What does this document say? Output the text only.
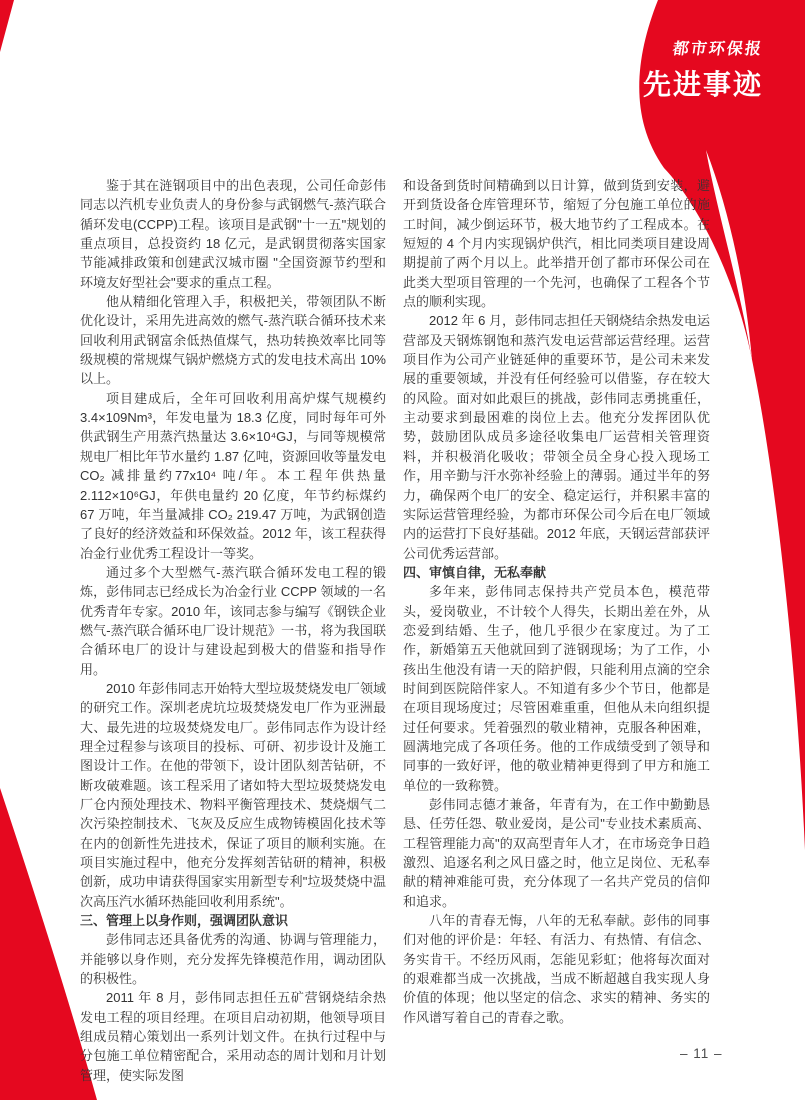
都市环保报
先进事迹

鉴于其在涟钢项目中的出色表现，公司任命彭伟同志以汽机专业负责人的身份参与武钢燃气-蒸汽联合循环发电(CCPP)工程。该项目是武钢"十一五"规划的重点项目，总投资约 18 亿元，是武钢贯彻落实国家节能减排政策和创建武汉城市圈 "全国资源节约型和环境友好型社会"要求的重点工程。

他从精细化管理入手，积极把关，带领团队不断优化设计，采用先进高效的燃气-蒸汽联合循环技术来回收利用武钢富余低热值煤气，热功转换效率比同等级规模的常规煤气锅炉燃烧方式的发电技术高出 10%以上。

项目建成后，全年可回收利用高炉煤气规模约 3.4×109Nm³，年发电量为 18.3 亿度，同时每年可外供武钢生产用蒸汽热量达 3.6×10⁴GJ，与同等规模常规电厂相比年节水量约 1.87 亿吨，资源回收等量发电 CO₂ 减排量约77x10⁴ 吨/年。本工程年供热量 2.112×10⁶GJ，年供电量约 20 亿度，年节约标煤约 67 万吨，年当量减排 CO₂ 219.47 万吨，为武钢创造了良好的经济效益和环保效益。2012 年，该工程获得冶金行业优秀工程设计一等奖。

通过多个大型燃气-蒸汽联合循环发电工程的锻炼，彭伟同志已经成长为冶金行业 CCPP 领域的一名优秀青年专家。2010 年，该同志参与编写《钢铁企业燃气-蒸汽联合循环电厂设计规范》一书，将为我国联合循环电厂的设计与建设起到极大的借鉴和指导作用。

2010 年彭伟同志开始特大型垃圾焚烧发电厂领域的研究工作。深圳老虎坑垃圾焚烧发电厂作为亚洲最大、最先进的垃圾焚烧发电厂。彭伟同志作为设计经理全过程参与该项目的投标、可研、初步设计及施工图设计工作。在他的带领下，设计团队刻苦钻研，不断攻破难题。该工程采用了诸如特大型垃圾焚烧发电厂仓内预处理技术、物料平衡管理技术、焚烧烟气二次污染控制技术、飞灰及反应生成物铸模固化技术等在内的创新性先进技术，保证了项目的顺利实施。在项目实施过程中，他充分发挥刻苦钻研的精神，积极创新，成功申请获得国家实用新型专利"垃圾焚烧中温次高压汽水循环热能回收利用系统"。

三、管理上以身作则，强调团队意识

彭伟同志还具备优秀的沟通、协调与管理能力，并能够以身作则，充分发挥先锋模范作用，调动团队的积极性。

2011 年 8 月，彭伟同志担任五矿营钢烧结余热发电工程的项目经理。在项目启动初期，他领导项目组成员精心策划出一系列计划文件。在执行过程中与分包施工单位精密配合，采用动态的周计划和月计划管理，使实际发图

和设备到货时间精确到以日计算，做到货到安装，避开到货设备仓库管理环节，缩短了分包施工单位的施工时间，减少倒运环节，极大地节约了工程成本。在短短的 4 个月内实现锅炉供汽，相比同类项目建设周期提前了两个月以上。此举措开创了都市环保公司在此类大型项目管理的一个先河，也确保了工程各个节点的顺利实现。

2012 年 6 月，彭伟同志担任天钢烧结余热发电运营部及天钢炼钢饱和蒸汽发电运营部运营经理。运营项目作为公司产业链延伸的重要环节，是公司未来发展的重要领域，并没有任何经验可以借鉴，存在较大的风险。面对如此艰巨的挑战，彭伟同志勇挑重任，主动要求到最困难的岗位上去。他充分发挥团队优势，鼓励团队成员多途径收集电厂运营相关管理资料，并积极消化吸收；带领全员全身心投入现场工作，用辛勤与汗水弥补经验上的薄弱。通过半年的努力，确保两个电厂的安全、稳定运行，并积累丰富的实际运营管理经验，为都市环保公司今后在电厂领域内的运营打下良好基础。2012 年底，天钢运营部获评公司优秀运营部。

四、审慎自律，无私奉献

多年来，彭伟同志保持共产党员本色，模范带头，爱岗敬业，不计较个人得失，长期出差在外，从恋爱到结婚、生子，他几乎很少在家度过。为了工作，新婚第五天他就回到了涟钢现场；为了工作，小孩出生他没有请一天的陪护假，只能利用点滴的空余时间到医院陪伴家人。不知道有多少个节日，他都是在项目现场度过；尽管困难重重，但他从未向组织提过任何要求。凭着强烈的敬业精神，克服各种困难，圆满地完成了各项任务。他的工作成绩受到了领导和同事的一致好评，他的敬业精神更得到了甲方和施工单位的一致称赞。

彭伟同志德才兼备，年青有为，在工作中勤勤恳恳、任劳任怨、敬业爱岗，是公司"专业技术素质高、工程管理能力高"的双高型青年人才，在市场竞争日趋激烈、追逐名利之风日盛之时，他立足岗位、无私奉献的精神难能可贵，充分体现了一名共产党员的信仰和追求。

八年的青春无悔，八年的无私奉献。彭伟的同事们对他的评价是：年轻、有活力、有热情、有信念、务实肯干。不经历风雨，怎能见彩虹；他将每次面对的艰难都当成一次挑战，当成不断超越自我实现人身价值的体现；他以坚定的信念、求实的精神、务实的作风谱写着自己的青春之歌。

– 11 –
